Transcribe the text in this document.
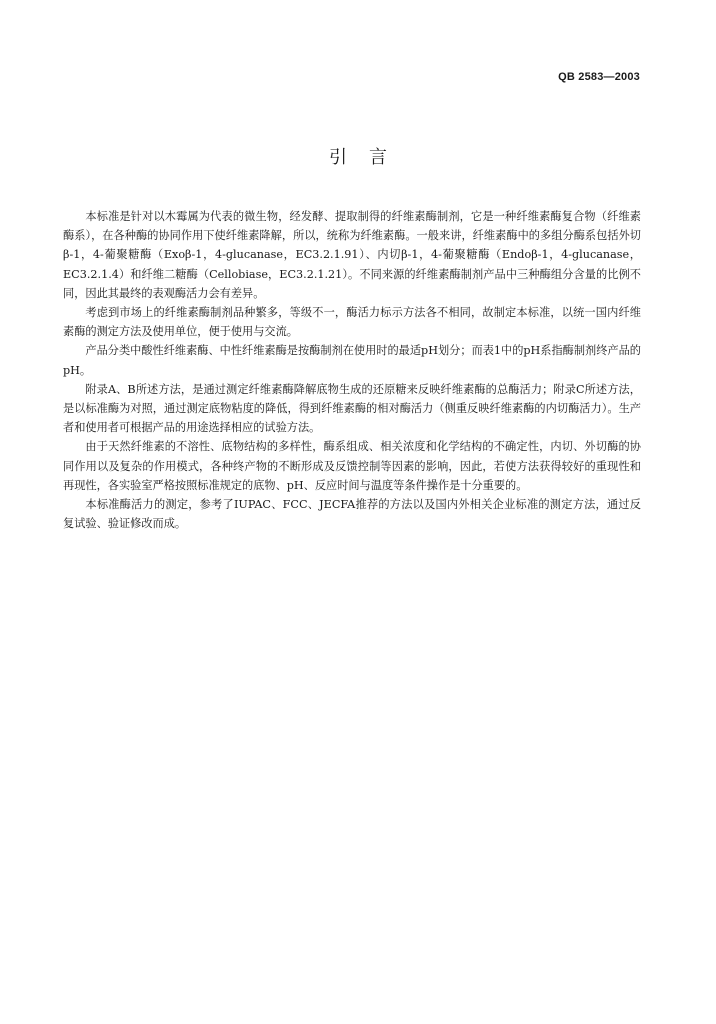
QB 2583—2003
引言

本标准是针对以木霉属为代表的微生物，经发酵、提取制得的纤维素酶制剂，它是一种纤维素酶复合物（纤维素酶系），在各种酶的协同作用下使纤维素降解，所以，统称为纤维素酶。一般来讲，纤维素酶中的多组分酶系包括外切β-1，4-葡聚糖酶（Exoβ-1，4-glucanase，EC3.2.1.91）、内切β-1，4-葡聚糖酶（Endoβ-1，4-glucanase，EC3.2.1.4）和纤维二糖酶（Cellobiase，EC3.2.1.21）。不同来源的纤维素酶制剂产品中三种酶组分含量的比例不同，因此其最终的表观酶活力会有差异。

考虑到市场上的纤维素酶制剂品种繁多，等级不一，酶活力标示方法各不相同，故制定本标准，以统一国内纤维素酶的测定方法及使用单位，便于使用与交流。

产品分类中酸性纤维素酶、中性纤维素酶是按酶制剂在使用时的最适pH划分；而表1中的pH系指酶制剂终产品的pH。

附录A、B所述方法，是通过测定纤维素酶降解底物生成的还原糖来反映纤维素酶的总酶活力；附录C所述方法，是以标准酶为对照，通过测定底物粘度的降低，得到纤维素酶的相对酶活力（侧重反映纤维素酶的内切酶活力）。生产者和使用者可根据产品的用途选择相应的试验方法。

由于天然纤维素的不溶性、底物结构的多样性，酶系组成、相关浓度和化学结构的不确定性，内切、外切酶的协同作用以及复杂的作用模式，各种终产物的不断形成及反馈控制等因素的影响，因此，若使方法获得较好的重现性和再现性，各实验室严格按照标准规定的底物、pH、反应时间与温度等条件操作是十分重要的。

本标准酶活力的测定，参考了IUPAC、FCC、JECFA推荐的方法以及国内外相关企业标准的测定方法，通过反复试验、验证修改而成。
